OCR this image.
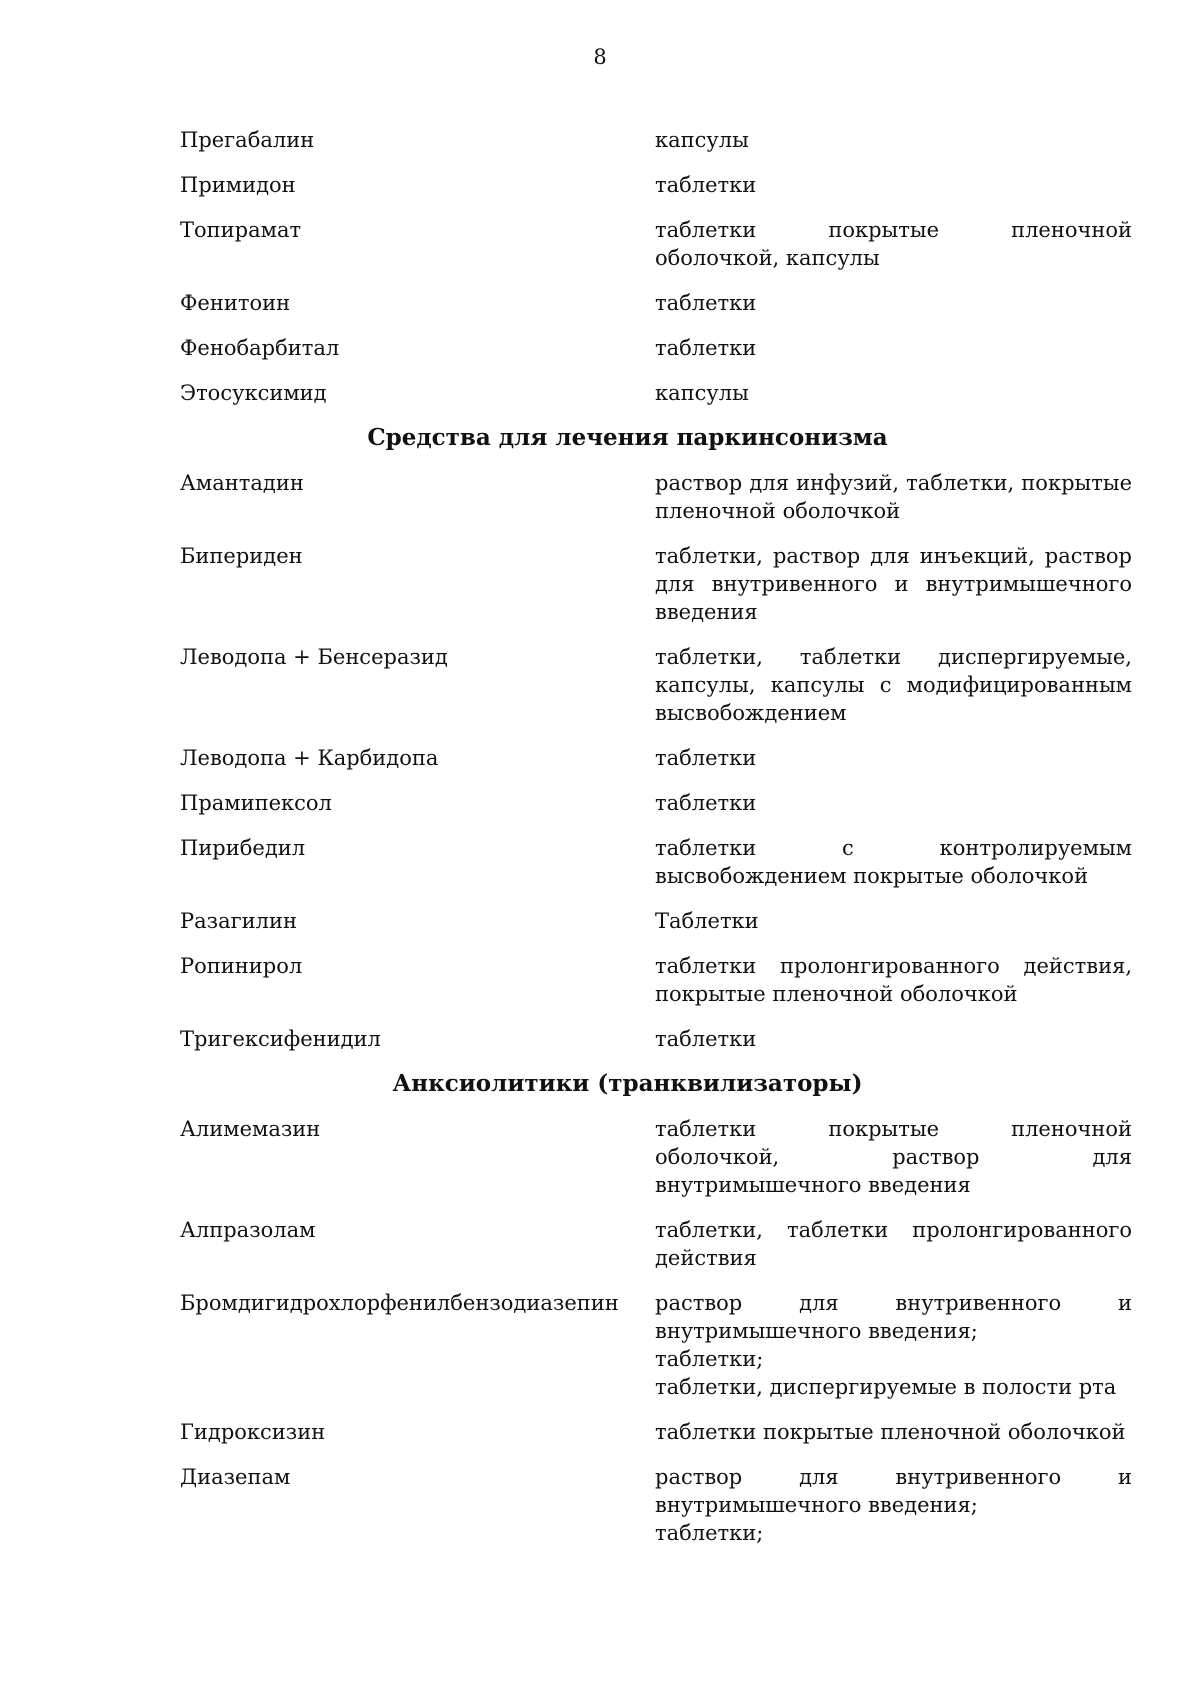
8
Прегабалин	капсулы
Примидон	таблетки
Топирамат	таблетки покрытые пленочной оболочкой, капсулы
Фенитоин	таблетки
Фенобарбитал	таблетки
Этосуксимид	капсулы
Средства для лечения паркинсонизма
Амантадин	раствор для инфузий, таблетки, покрытые пленочной оболочкой
Бипериден	таблетки, раствор для инъекций, раствор для внутривенного и внутримышечного введения
Леводопа + Бенсеразид	таблетки, таблетки диспергируемые, капсулы, капсулы с модифицированным высвобождением
Леводопа + Карбидопа	таблетки
Прамипексол	таблетки
Пирибедил	таблетки с контролируемым высвобождением покрытые оболочкой
Разагилин	Таблетки
Ропинирол	таблетки пролонгированного действия, покрытые пленочной оболочкой
Тригексифенидил	таблетки
Анксиолитики (транквилизаторы)
Алимемазин	таблетки покрытые пленочной оболочкой, раствор для внутримышечного введения
Алпразолам	таблетки, таблетки пролонгированного действия
Бромдигидрохлорфенилбензодиазепин раствор для внутривенного и внутримышечного введения;
таблетки;
таблетки, диспергируемые в полости рта
Гидроксизин	таблетки покрытые пленочной оболочкой
Диазепам	раствор для внутривенного и внутримышечного введения;
таблетки;
